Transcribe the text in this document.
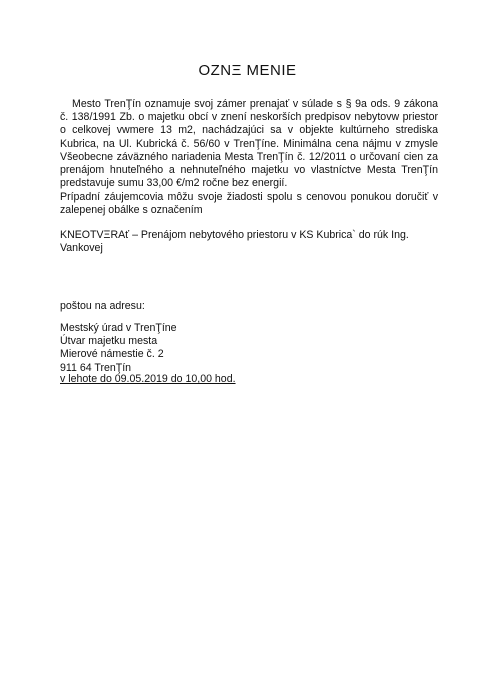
OZNΞ MENIE
Mesto TrenŢín oznamuje svoj zámer prenajať v súlade s § 9a ods. 9 zákona č. 138/1991 Zb. o majetku obcí v znení neskorších predpisov nebytovw priestor o celkovej vwmere 13 m2, nachádzajúci sa v objekte kultúrneho strediska Kubrica, na Ul. Kubrická č. 56/60 v TrenŢíne. Minimálna cena nájmu v zmysle Všeobecne záväzného nariadenia Mesta TrenŢín č. 12/2011 o určovaní cien za prenájom hnuteľného a nehnuteľného majetku vo vlastníctve Mesta TrenŢín predstavuje sumu 33,00 €/m2 ročne bez energií.
Prípadní záujemcovia môžu svoje žiadosti spolu s cenovou ponukou doručiť v zalepenej obálke s označením
KNEOTVΞRAť – Prenájom nebytového priestoru v KS Kubrica` do rúk Ing. Vankovej
poštou na adresu:
Mestský úrad v TrenŢíne
Útvar majetku mesta
Mierové námestie č. 2
911 64 TrenŢín
v lehote do 09.05.2019 do 10,00 hod.
